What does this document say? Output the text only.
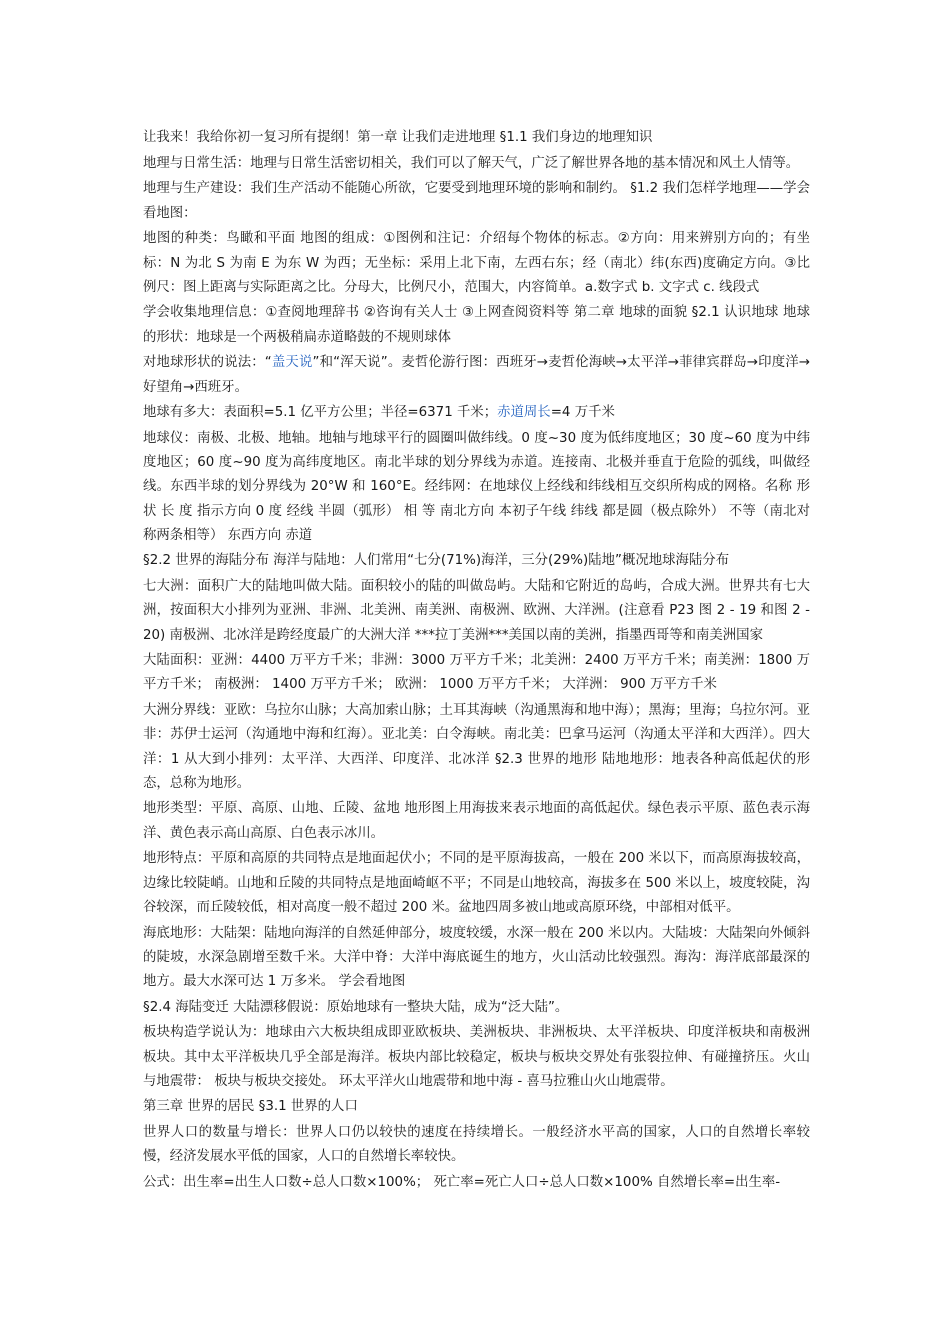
让我来！我给你初一复习所有提纲！第一章 让我们走进地理 §1.1 我们身边的地理知识

地理与日常生活：地理与日常生活密切相关，我们可以了解天气，广泛了解世界各地的基本情况和风土人情等。

地理与生产建设：我们生产活动不能随心所欲，它要受到地理环境的影响和制约。 §1.2 我们怎样学地理——学会看地图：

地图的种类：鸟瞰和平面 地图的组成：①图例和注记：介绍每个物体的标志。②方向：用来辨别方向的；有坐标：N 为北 S 为南 E 为东 W 为西；无坐标：采用上北下南，左西右东；经（南北）纬(东西)度确定方向。③比例尺：图上距离与实际距离之比。分母大，比例尺小，范围大，内容简单。a.数字式 b. 文字式 c. 线段式

学会收集地理信息：①查阅地理辞书 ②咨询有关人士 ③上网查阅资料等 第二章 地球的面貌 §2.1 认识地球 地球的形状：地球是一个两极稍扁赤道略鼓的不规则球体

对地球形状的说法：“盖天说”和“浑天说”。麦哲伦游行图：西班牙→麦哲伦海峡→太平洋→菲律宾群岛→印度洋→好望角→西班牙。

地球有多大：表面积=5.1 亿平方公里；半径=6371 千米；赤道周长=4 万千米

地球仪：南极、北极、地轴。地轴与地球平行的圆圈叫做纬线。0 度~30 度为低纬度地区；30 度~60 度为中纬度地区；60 度~90 度为高纬度地区。南北半球的划分界线为赤道。连接南、北极并垂直于危险的弧线，叫做经线。东西半球的划分界线为 20°W 和 160°E。经纬网：在地球仪上经线和纬线相互交织所构成的网格。名称 形 状 长 度 指示方向 0 度 经线 半圆（弧形） 相 等 南北方向 本初子午线 纬线 都是圆（极点除外） 不等（南北对称两条相等） 东西方向 赤道

§2.2 世界的海陆分布 海洋与陆地：人们常用“七分(71%)海洋，三分(29%)陆地”概况地球海陆分布

七大洲：面积广大的陆地叫做大陆。面积较小的陆的叫做岛屿。大陆和它附近的岛屿，合成大洲。世界共有七大洲，按面积大小排列为亚洲、非洲、北美洲、南美洲、南极洲、欧洲、大洋洲。(注意看 P23 图 2 - 19 和图 2 - 20) 南极洲、北冰洋是跨经度最广的大洲大洋 ***拉丁美洲***美国以南的美洲，指墨西哥等和南美洲国家

大陆面积：亚洲：4400 万平方千米；非洲：3000 万平方千米；北美洲：2400 万平方千米；南美洲：1800 万平方千米； 南极洲： 1400 万平方千米； 欧洲： 1000 万平方千米； 大洋洲： 900 万平方千米

大洲分界线：亚欧：乌拉尔山脉；大高加索山脉；土耳其海峡（沟通黑海和地中海）；黑海；里海；乌拉尔河。亚非：苏伊士运河（沟通地中海和红海）。亚北美：白令海峡。南北美：巴拿马运河（沟通太平洋和大西洋）。四大洋：1 从大到小排列：太平洋、大西洋、印度洋、北冰洋 §2.3 世界的地形 陆地地形：地表各种高低起伏的形态，总称为地形。

地形类型：平原、高原、山地、丘陵、盆地 地形图上用海拔来表示地面的高低起伏。绿色表示平原、蓝色表示海洋、黄色表示高山高原、白色表示冰川。

地形特点：平原和高原的共同特点是地面起伏小；不同的是平原海拔高，一般在 200 米以下，而高原海拔较高，边缘比较陡峭。山地和丘陵的共同特点是地面崎岖不平；不同是山地较高，海拔多在 500 米以上，坡度较陡，沟谷较深，而丘陵较低，相对高度一般不超过 200 米。盆地四周多被山地或高原环绕，中部相对低平。

海底地形：大陆架：陆地向海洋的自然延伸部分，坡度较缓，水深一般在 200 米以内。大陆坡：大陆架向外倾斜的陡坡，水深急剧增至数千米。大洋中脊：大洋中海底诞生的地方，火山活动比较强烈。海沟：海洋底部最深的地方。最大水深可达 1 万多米。 学会看地图

§2.4 海陆变迁 大陆漂移假说：原始地球有一整块大陆，成为“泛大陆”。

板块构造学说认为：地球由六大板块组成即亚欧板块、美洲板块、非洲板块、太平洋板块、印度洋板块和南极洲板块。其中太平洋板块几乎全部是海洋。板块内部比较稳定，板块与板块交界处有张裂拉伸、有碰撞挤压。火山与地震带： 板块与板块交接处。 环太平洋火山地震带和地中海 - 喜马拉雅山火山地震带。

第三章 世界的居民 §3.1 世界的人口

世界人口的数量与增长：世界人口仍以较快的速度在持续增长。一般经济水平高的国家，人口的自然增长率较慢，经济发展水平低的国家，人口的自然增长率较快。

公式：出生率=出生人口数÷总人口数×100%； 死亡率=死亡人口÷总人口数×100% 自然增长率=出生率-
